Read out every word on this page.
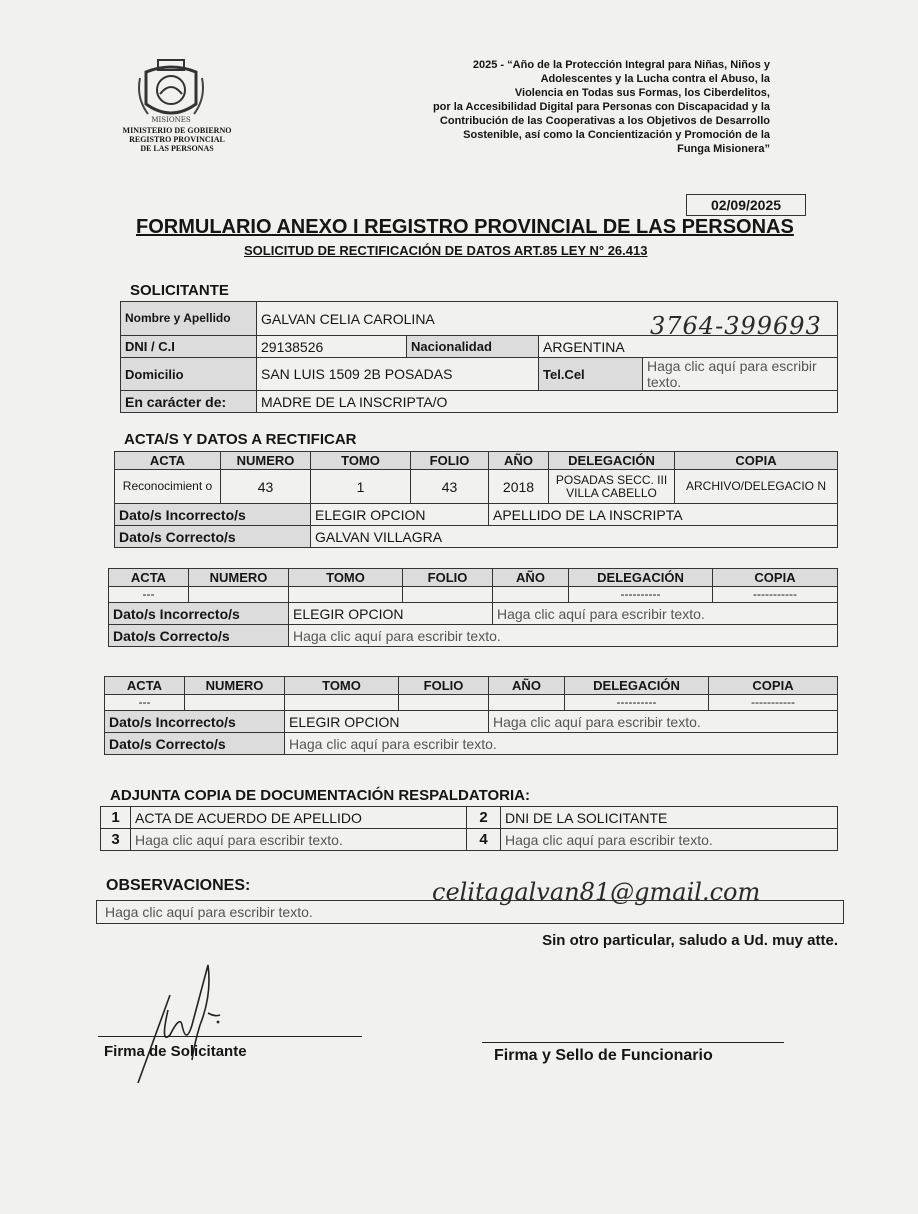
MISIONES
MINISTERIO DE GOBIERNO
REGISTRO PROVINCIAL
DE LAS PERSONAS
2025 - “Año de la Protección Integral para Niñas, Niños y
Adolescentes y la Lucha contra el Abuso, la
Violencia en Todas sus Formas, los Ciberdelitos,
por la Accesibilidad Digital para Personas con Discapacidad y la
Contribución de las Cooperativas a los Objetivos de Desarrollo
Sostenible, así como la Concientización y Promoción de la
Funga Misionera”
02/09/2025
FORMULARIO ANEXO I REGISTRO PROVINCIAL DE LAS PERSONAS
SOLICITUD DE RECTIFICACIÓN DE DATOS ART.85 LEY N° 26.413
SOLICITANTE
Nombre y Apellido	GALVAN CELIA CAROLINA			
DNI / C.I	29138526	Nacionalidad	ARGENTINA	
Domicilio	SAN LUIS 1509 2B POSADAS		Tel.Cel	Haga clic aquí para escribir texto.
En carácter de:	MADRE DE LA INSCRIPTA/O			
3764-399693
ACTA/S Y DATOS A RECTIFICAR
ACTA	NUMERO	TOMO	FOLIO	AÑO	DELEGACIÓN	COPIA
Reconocimient o	43	1	43	2018	POSADAS SECC. III VILLA CABELLO	ARCHIVO/DELEGACIO N
Dato/s Incorrecto/s		ELEGIR OPCION		APELLIDO DE LA INSCRIPTA		
Dato/s Correcto/s		GALVAN VILLAGRA				
ACTA	NUMERO	TOMO	FOLIO	AÑO	DELEGACIÓN	COPIA
---					----------	-----------
Dato/s Incorrecto/s		ELEGIR OPCION		Haga clic aquí para escribir texto.		
Dato/s Correcto/s		Haga clic aquí para escribir texto.				
ACTA	NUMERO	TOMO	FOLIO	AÑO	DELEGACIÓN	COPIA
---					----------	-----------
Dato/s Incorrecto/s		ELEGIR OPCION		Haga clic aquí para escribir texto.		
Dato/s Correcto/s		Haga clic aquí para escribir texto.				
ADJUNTA COPIA DE DOCUMENTACIÓN RESPALDATORIA:
1	ACTA DE ACUERDO DE APELLIDO	2	DNI DE LA SOLICITANTE
3	Haga clic aquí para escribir texto.	4	Haga clic aquí para escribir texto.
OBSERVACIONES:	celitagalvan81@gmail.com
Haga clic aquí para escribir texto.
Sin otro particular, saludo a Ud. muy atte.
Firma de Solicitante	Firma y Sello de Funcionario
